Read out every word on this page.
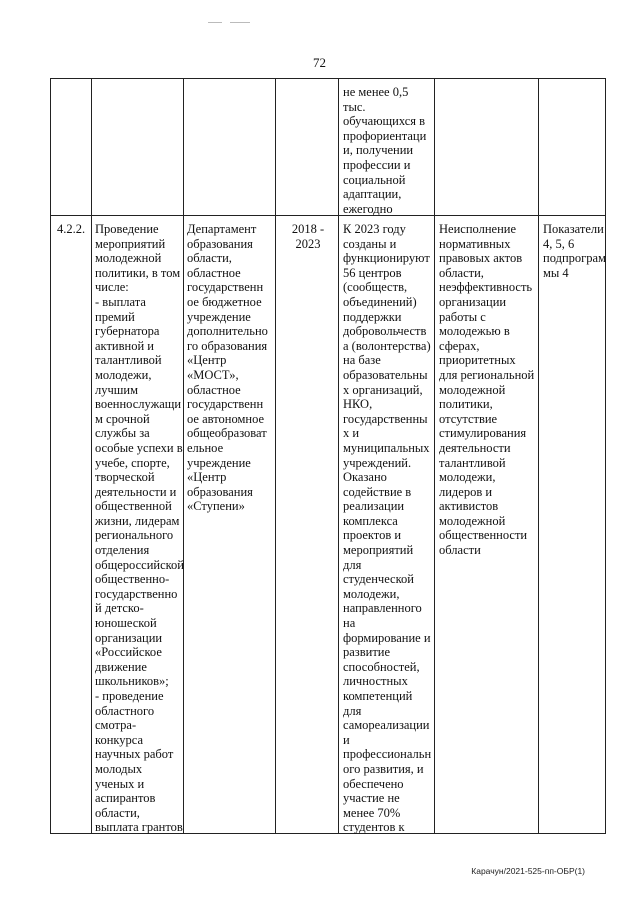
72
не менее 0,5
тыс.
обучающихся в
профориентаци
и, получении
профессии и
социальной
адаптации,
ежегодно
4.2.2. Проведение
мероприятий
молодежной
политики, в том
числе:
- выплата
премий
губернатора
активной и
талантливой
молодежи,
лучшим
военнослужащи
м срочной
службы за
особые успехи в
учебе, спорте,
творческой
деятельности и
общественной
жизни, лидерам
регионального
отделения
общероссийской
общественно-
государственно
й детско-
юношеской
организации
«Российское
движение
школьников»;
- проведение
областного
смотра-
конкурса
научных работ
молодых
ученых и
аспирантов
области,
выплата грантов
Департамент
образования
области,
областное
государственн
ое бюджетное
учреждение
дополнительно
го образования
«Центр
«МОСТ»,
областное
государственн
ое автономное
общеобразоват
ельное
учреждение
«Центр
образования
«Ступени»
2018 -
2023
К 2023 году
созданы и
функционируют
56 центров
(сообществ,
объединений)
поддержки
добровольчеств
а (волонтерства)
на базе
образовательны
х организаций,
НКО,
государственны
х и
муниципальных
учреждений.
Оказано
содействие в
реализации
комплекса
проектов и
мероприятий
для
студенческой
молодежи,
направленного
на
формирование и
развитие
способностей,
личностных
компетенций
для
самореализации
и
профессиональн
ого развития, и
обеспечено
участие не
менее 70%
студентов к
Неисполнение
нормативных
правовых актов
области,
неэффективность
организации
работы с
молодежью в
сферах,
приоритетных
для региональной
молодежной
политики,
отсутствие
стимулирования
деятельности
талантливой
молодежи,
лидеров и
активистов
молодежной
общественности
области
Показатели
4, 5, 6
подпрограм
мы 4
Карачун/2021-525-пп-ОБР(1)
